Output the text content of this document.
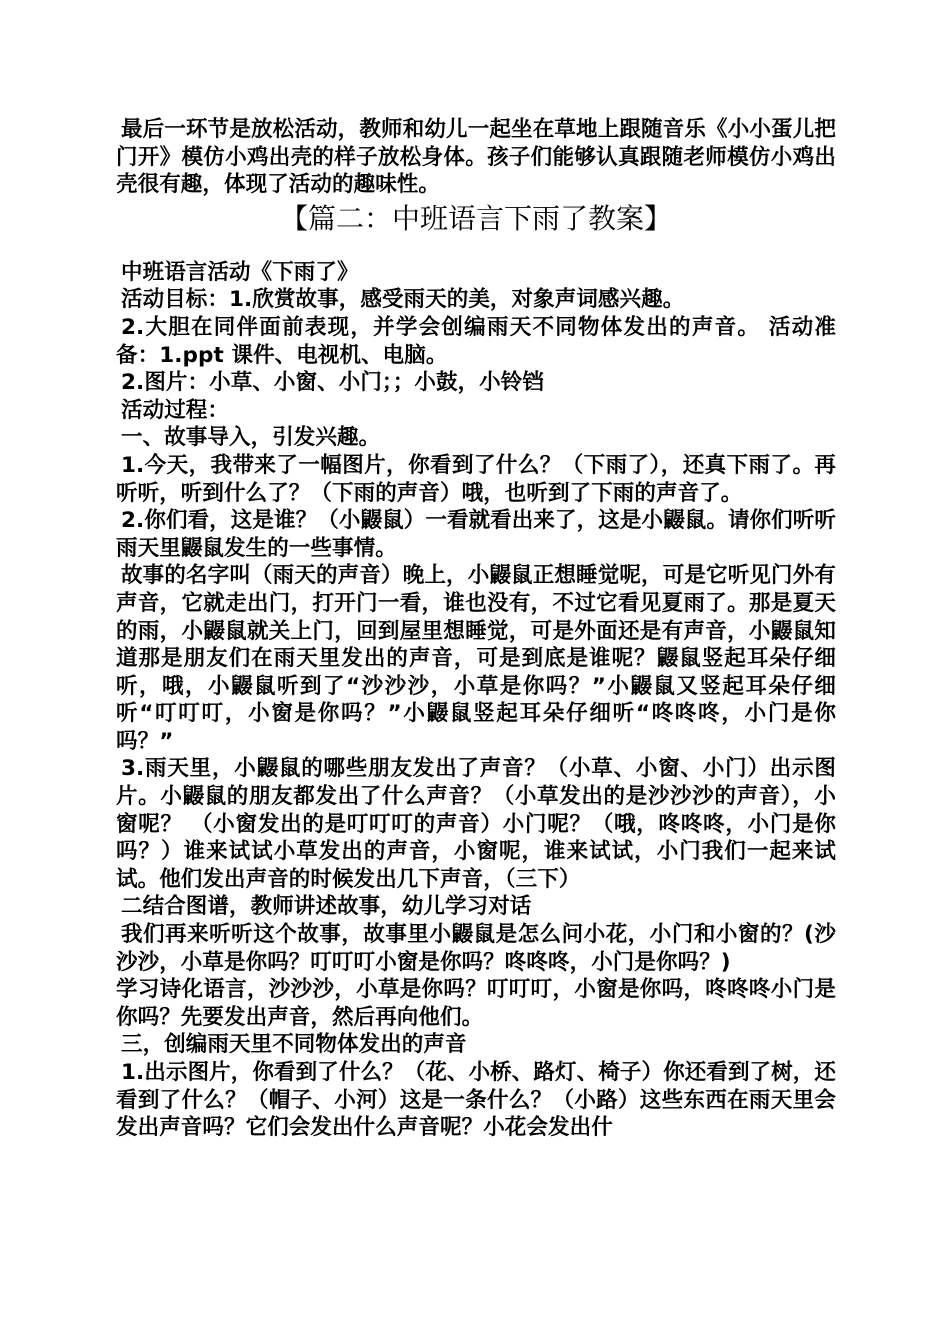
最后一环节是放松活动，教师和幼儿一起坐在草地上跟随音乐《小小蛋儿把门开》模仿小鸡出壳的样子放松身体。孩子们能够认真跟随老师模仿小鸡出壳很有趣，体现了活动的趣味性。

【篇二：中班语言下雨了教案】

中班语言活动《下雨了》

活动目标：1.欣赏故事，感受雨天的美，对象声词感兴趣。

2.大胆在同伴面前表现，并学会创编雨天不同物体发出的声音。 活动准备：1.ppt 课件、电视机、电脑。

2.图片：小草、小窗、小门；；小鼓，小铃铛

活动过程：

一、故事导入，引发兴趣。

1.今天，我带来了一幅图片，你看到了什么？（下雨了），还真下雨了。再听听，听到什么了？（下雨的声音）哦，也听到了下雨的声音了。

2.你们看，这是谁？（小鼹鼠）一看就看出来了，这是小鼹鼠。请你们听听雨天里鼹鼠发生的一些事情。

故事的名字叫（雨天的声音）晚上，小鼹鼠正想睡觉呢，可是它听见门外有声音，它就走出门，打开门一看，谁也没有，不过它看见夏雨了。那是夏天的雨，小鼹鼠就关上门，回到屋里想睡觉，可是外面还是有声音，小鼹鼠知道那是朋友们在雨天里发出的声音，可是到底是谁呢？鼹鼠竖起耳朵仔细听，哦，小鼹鼠听到了“沙沙沙，小草是你吗？”小鼹鼠又竖起耳朵仔细听“叮叮叮，小窗是你吗？”小鼹鼠竖起耳朵仔细听“咚咚咚，小门是你吗？”

3.雨天里，小鼹鼠的哪些朋友发出了声音？（小草、小窗、小门）出示图片。小鼹鼠的朋友都发出了什么声音？（小草发出的是沙沙沙的声音），小窗呢？ （小窗发出的是叮叮叮的声音）小门呢？（哦，咚咚咚，小门是你吗？）谁来试试小草发出的声音，小窗呢，谁来试试，小门我们一起来试试。他们发出声音的时候发出几下声音，（三下）

二结合图谱，教师讲述故事，幼儿学习对话

我们再来听听这个故事，故事里小鼹鼠是怎么问小花，小门和小窗的？(沙沙沙，小草是你吗？叮叮叮小窗是你吗？咚咚咚，小门是你吗？)

学习诗化语言，沙沙沙，小草是你吗？叮叮叮，小窗是你吗，咚咚咚小门是你吗？先要发出声音，然后再向他们。

三，创编雨天里不同物体发出的声音

1.出示图片，你看到了什么？（花、小桥、路灯、椅子）你还看到了树，还看到了什么？（帽子、小河）这是一条什么？（小路）这些东西在雨天里会发出声音吗？它们会发出什么声音呢？小花会发出什
